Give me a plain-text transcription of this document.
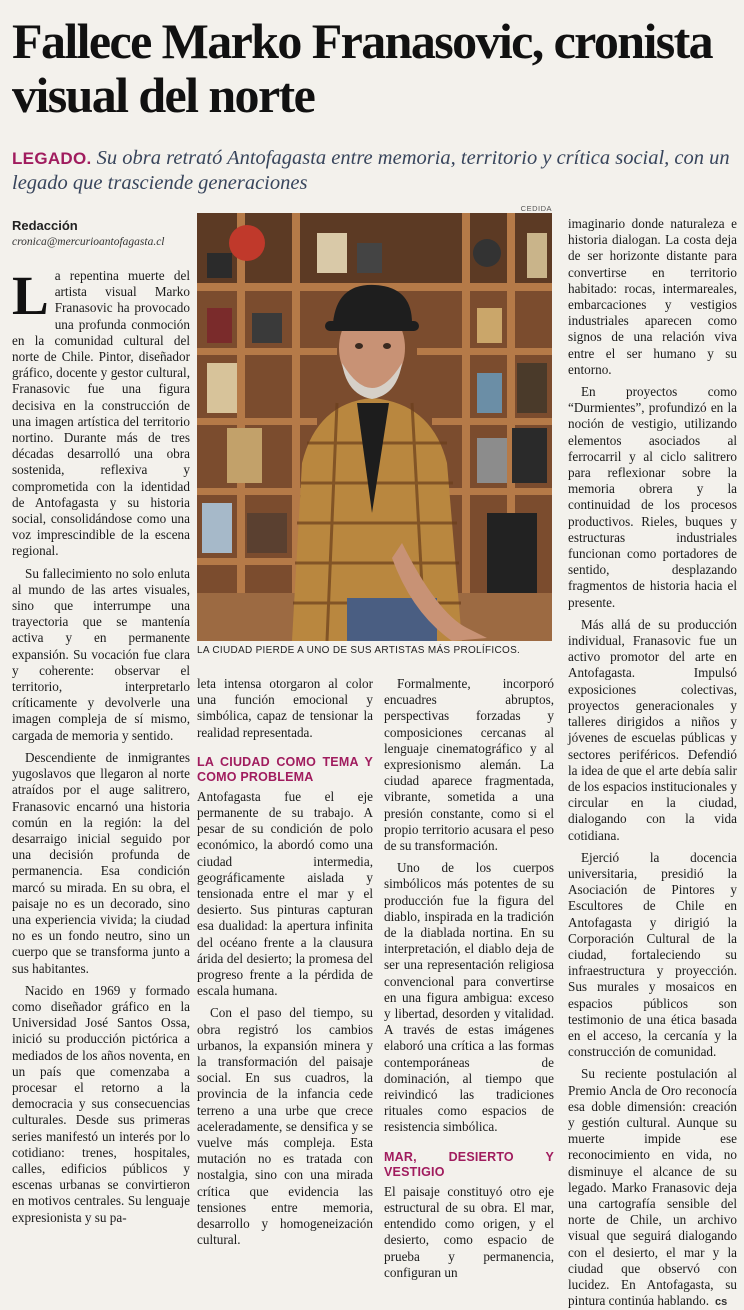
Fallece Marko Franasovic, cronista visual del norte
LEGADO. Su obra retrató Antofagasta entre memoria, territorio y crítica social, con un legado que trasciende generaciones
Redacción
cronica@mercurioantofagasta.cl
CEDIDA
LA CIUDAD PIERDE A UNO DE SUS ARTISTAS MÁS PROLÍFICOS.

La repentina muerte del artista visual Marko Franasovic ha provocado una profunda conmoción en la comunidad cultural del norte de Chile. Pintor, diseñador gráfico, docente y gestor cultural, Franasovic fue una figura decisiva en la construcción de una imagen artística del territorio nortino. Durante más de tres décadas desarrolló una obra sostenida, reflexiva y comprometida con la identidad de Antofagasta y su historia social, consolidándose como una voz imprescindible de la escena regional.

Su fallecimiento no solo enluta al mundo de las artes visuales, sino que interrumpe una trayectoria que se mantenía activa y en permanente expansión. Su vocación fue clara y coherente: observar el territorio, interpretarlo críticamente y devolverle una imagen compleja de sí mismo, cargada de memoria y sentido.

Descendiente de inmigrantes yugoslavos que llegaron al norte atraídos por el auge salitrero, Franasovic encarnó una historia común en la región: la del desarraigo inicial seguido por una decisión profunda de permanencia. Esa condición marcó su mirada. En su obra, el paisaje no es un decorado, sino una experiencia vivida; la ciudad no es un fondo neutro, sino un cuerpo que se transforma junto a sus habitantes.

Nacido en 1969 y formado como diseñador gráfico en la Universidad José Santos Ossa, inició su producción pictórica a mediados de los años noventa, en un país que comenzaba a procesar el retorno a la democracia y sus consecuencias culturales. Desde sus primeras series manifestó un interés por lo cotidiano: trenes, hospitales, calles, edificios públicos y escenas urbanas se convirtieron en motivos centrales. Su lenguaje expresionista y su pa-

leta intensa otorgaron al color una función emocional y simbólica, capaz de tensionar la realidad representada.

LA CIUDAD COMO TEMA Y COMO PROBLEMA

Antofagasta fue el eje permanente de su trabajo. A pesar de su condición de polo económico, la abordó como una ciudad intermedia, geográficamente aislada y tensionada entre el mar y el desierto. Sus pinturas capturan esa dualidad: la apertura infinita del océano frente a la clausura árida del desierto; la promesa del progreso frente a la pérdida de escala humana.

Con el paso del tiempo, su obra registró los cambios urbanos, la expansión minera y la transformación del paisaje social. En sus cuadros, la provincia de la infancia cede terreno a una urbe que crece aceleradamente, se densifica y se vuelve más compleja. Esta mutación no es tratada con nostalgia, sino con una mirada crítica que evidencia las tensiones entre memoria, desarrollo y homogeneización cultural.

Formalmente, incorporó encuadres abruptos, perspectivas forzadas y composiciones cercanas al lenguaje cinematográfico y al expresionismo alemán. La ciudad aparece fragmentada, vibrante, sometida a una presión constante, como si el propio territorio acusara el peso de su transformación.

Uno de los cuerpos simbólicos más potentes de su producción fue la figura del diablo, inspirada en la tradición de la diablada nortina. En su interpretación, el diablo deja de ser una representación religiosa convencional para convertirse en una figura ambigua: exceso y libertad, desorden y vitalidad. A través de estas imágenes elaboró una crítica a las formas contemporáneas de dominación, al tiempo que reivindicó las tradiciones rituales como espacios de resistencia simbólica.

MAR, DESIERTO Y VESTIGIO

El paisaje constituyó otro eje estructural de su obra. El mar, entendido como origen, y el desierto, como espacio de prueba y permanencia, configuran un

imaginario donde naturaleza e historia dialogan. La costa deja de ser horizonte distante para convertirse en territorio habitado: rocas, intermareales, embarcaciones y vestigios industriales aparecen como signos de una relación viva entre el ser humano y su entorno.

En proyectos como “Durmientes”, profundizó en la noción de vestigio, utilizando elementos asociados al ferrocarril y al ciclo salitrero para reflexionar sobre la memoria obrera y la continuidad de los procesos productivos. Rieles, buques y estructuras industriales funcionan como portadores de sentido, desplazando fragmentos de historia hacia el presente.

Más allá de su producción individual, Franasovic fue un activo promotor del arte en Antofagasta. Impulsó exposiciones colectivas, proyectos generacionales y talleres dirigidos a niños y jóvenes de escuelas públicas y sectores periféricos. Defendió la idea de que el arte debía salir de los espacios institucionales y circular en la ciudad, dialogando con la vida cotidiana.

Ejerció la docencia universitaria, presidió la Asociación de Pintores y Escultores de Chile en Antofagasta y dirigió la Corporación Cultural de la ciudad, fortaleciendo su infraestructura y proyección. Sus murales y mosaicos en espacios públicos son testimonio de una ética basada en el acceso, la cercanía y la construcción de comunidad.

Su reciente postulación al Premio Ancla de Oro reconocía esa doble dimensión: creación y gestión cultural. Aunque su muerte impide ese reconocimiento en vida, no disminuye el alcance de su legado. Marko Franasovic deja una cartografía sensible del norte de Chile, un archivo visual que seguirá dialogando con el desierto, el mar y la ciudad que observó con lucidez. En Antofagasta, su pintura continúa hablando. cs
